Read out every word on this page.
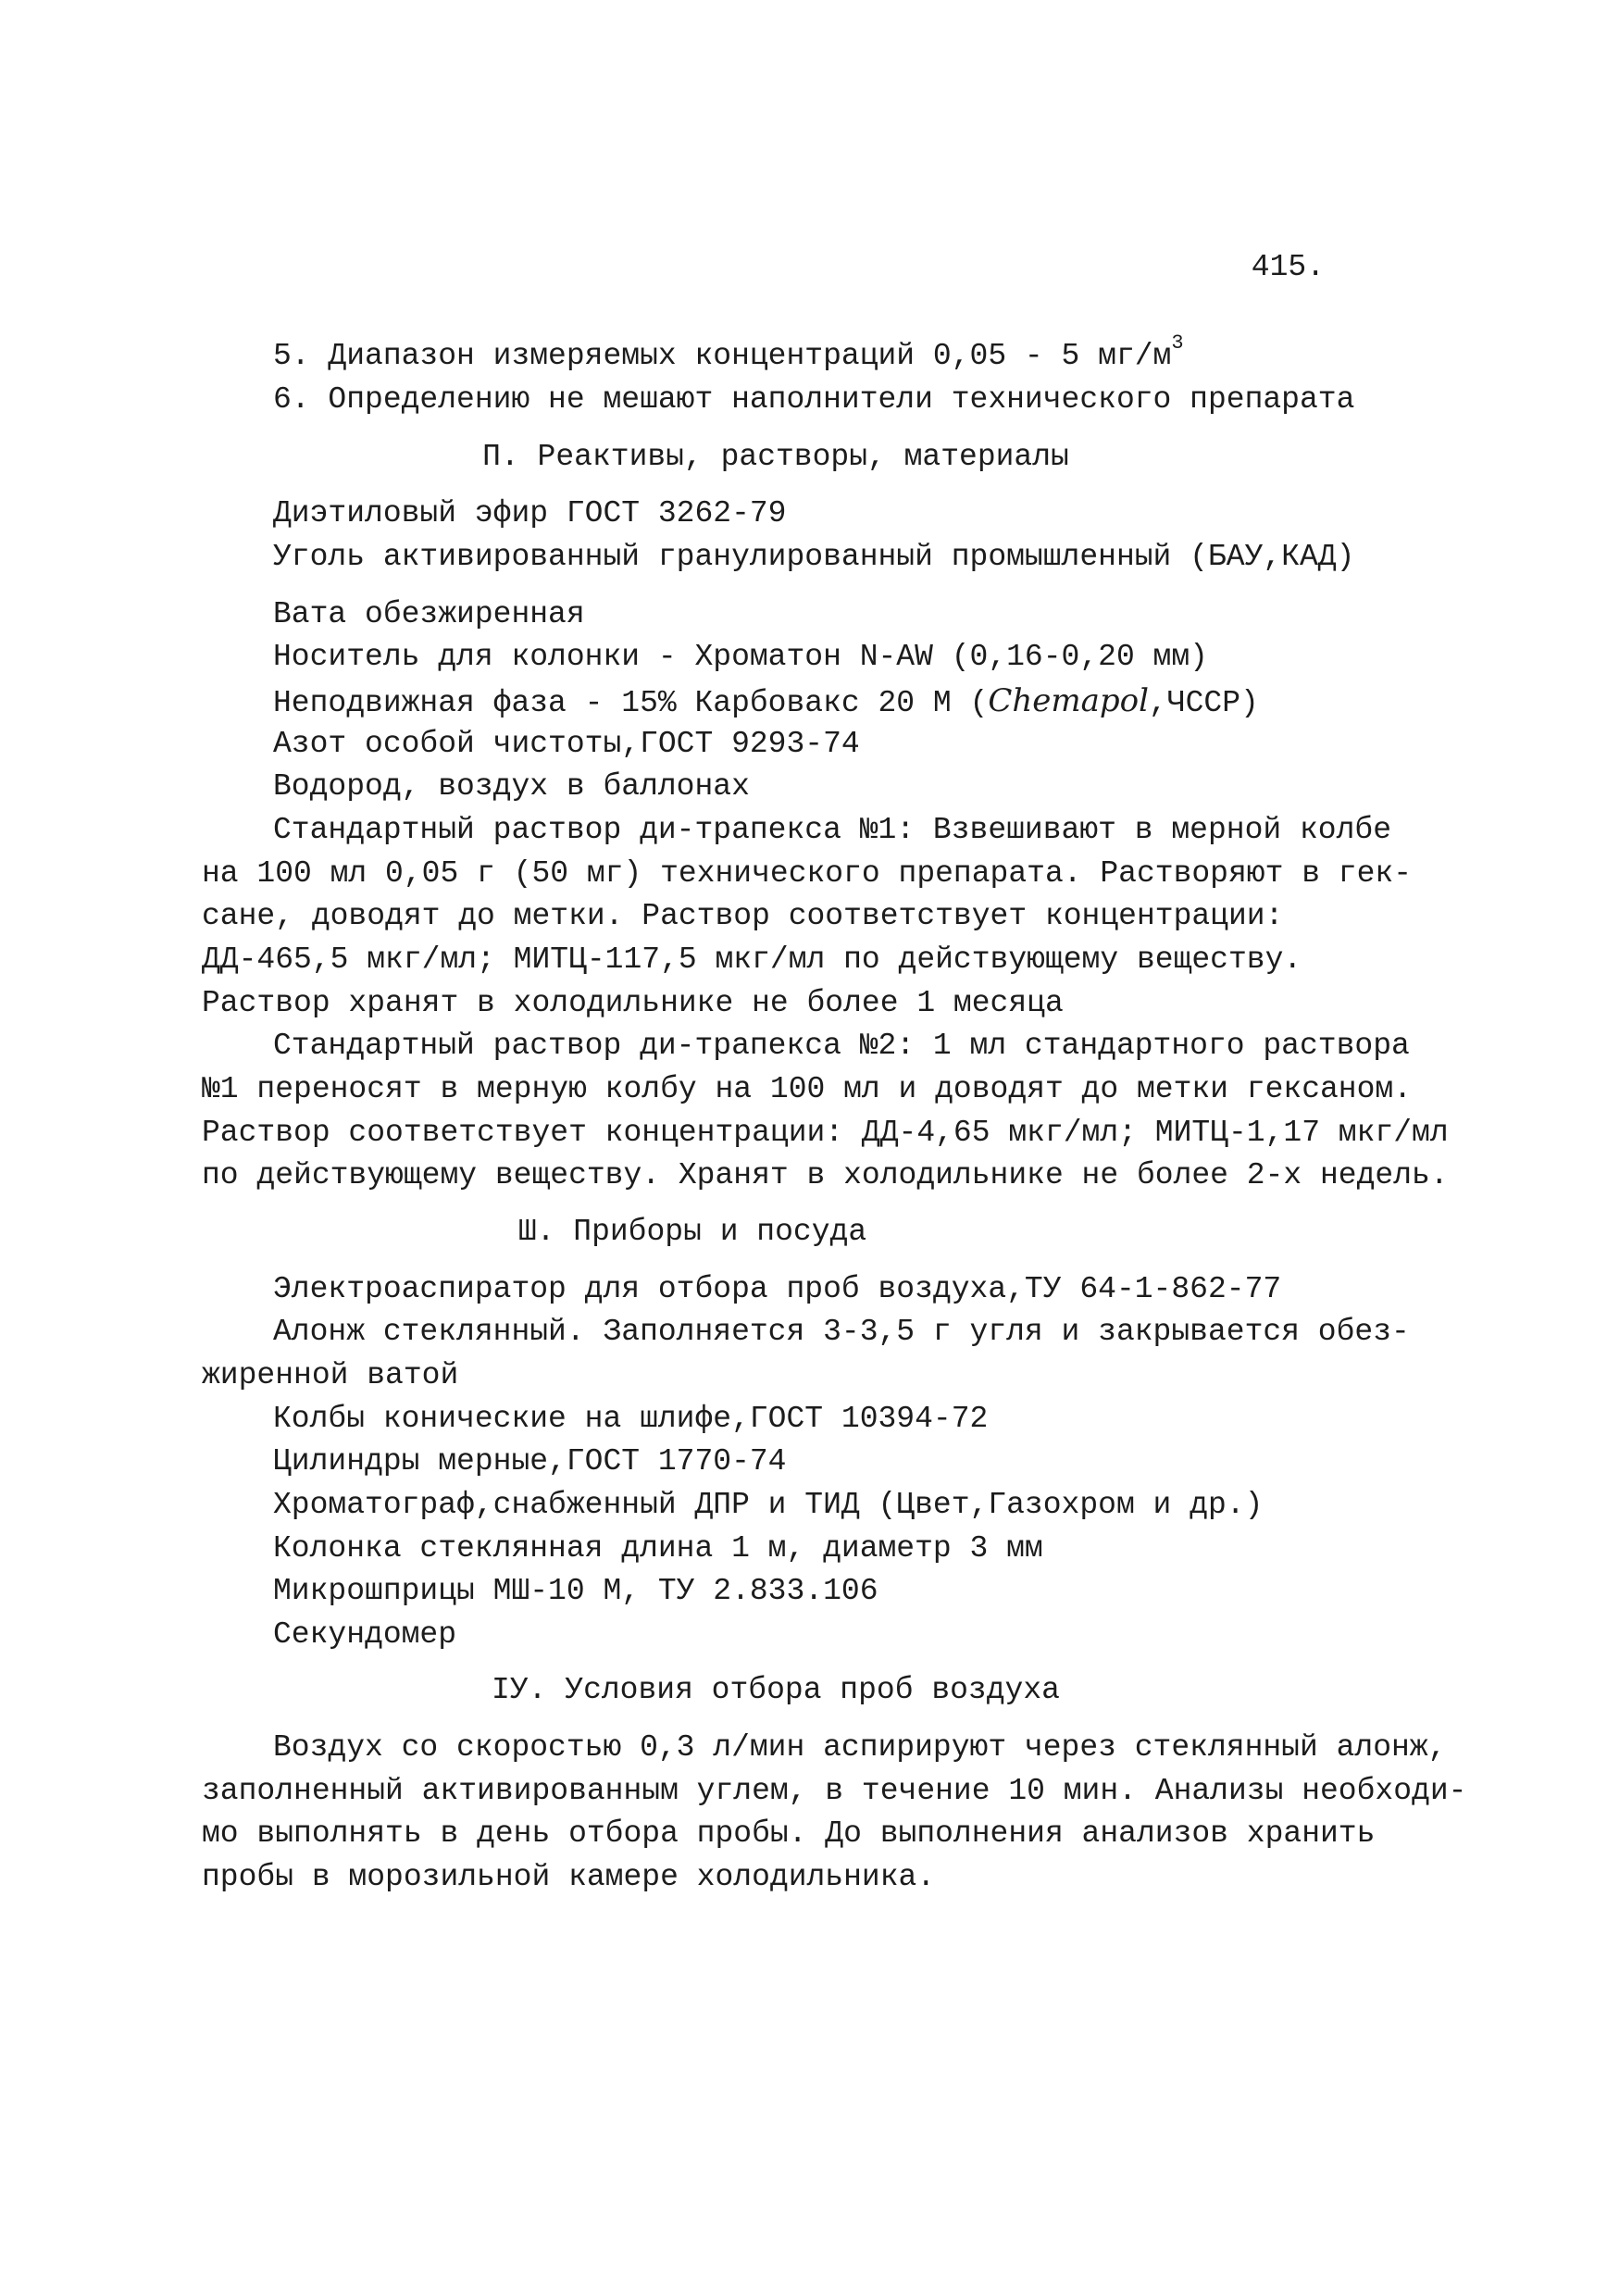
415.
5. Диапазон измеряемых концентраций 0,05 - 5 $мг/м^3$
6. Определению не мешают наполнители технического препарата
П. Реактивы, растворы, материалы
Диэтиловый эфир ГОСТ 3262-79
Уголь активированный гранулированный промышленный (БАУ,КАД)
Вата обезжиренная
Носитель для колонки - Хроматон N-AW (0,16-0,20 мм)
Неподвижная фаза - 15% Карбовакс 20 М (Chemapol,ЧССР)
Азот особой чистоты,ГОСТ 9293-74
Водород, воздух в баллонах
Стандартный раствор ди-трапекса №1: Взвешивают в мерной колбе
на 100 мл 0,05 г (50 мг) технического препарата. Растворяют в гек-
сане, доводят до метки. Раствор соответствует концентрации:
ДД-465,5 мкг/мл; МИТЦ-117,5 мкг/мл по действующему веществу.
Раствор хранят в холодильнике не более 1 месяца
Стандартный раствор ди-трапекса №2: 1 мл стандартного раствора
№1 переносят в мерную колбу на 100 мл и доводят до метки гексаном.
Раствор соответствует концентрации: ДД-4,65 мкг/мл; МИТЦ-1,17 мкг/мл
по действующему веществу. Хранят в холодильнике не более 2-х недель.
Ш. Приборы и посуда
Электроаспиратор для отбора проб воздуха,ТУ 64-1-862-77
Алонж стеклянный. Заполняется 3-3,5 г угля и закрывается обез-
жиренной ватой
Колбы конические на шлифе,ГОСТ 10394-72
Цилиндры мерные,ГОСТ 1770-74
Хроматограф,снабженный ДПР и ТИД (Цвет,Газохром и др.)
Колонка стеклянная длина 1 м, диаметр 3 мм
Микрошприцы МШ-10 М, ТУ 2.833.106
Секундомер
IУ. Условия отбора проб воздуха
Воздух со скоростью 0,3 л/мин аспирируют через стеклянный алонж,
заполненный активированным углем, в течение 10 мин. Анализы необходи-
мо выполнять в день отбора пробы. До выполнения анализов хранить
пробы в морозильной камере холодильника.
